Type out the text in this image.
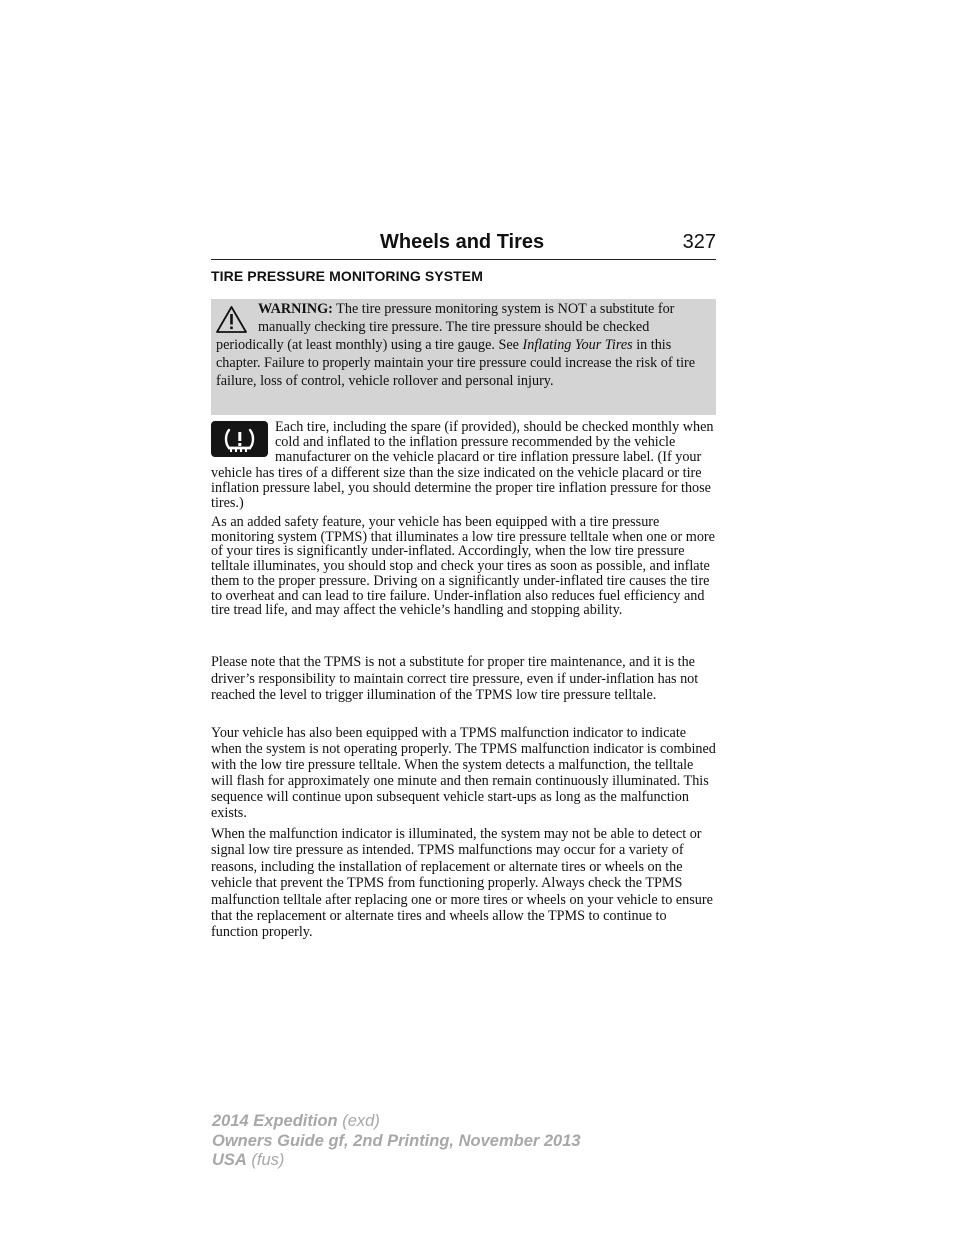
Wheels and Tires	327
TIRE PRESSURE MONITORING SYSTEM
WARNING: The tire pressure monitoring system is NOT a substitute for manually checking tire pressure. The tire pressure should be checked periodically (at least monthly) using a tire gauge. See Inflating Your Tires in this chapter. Failure to properly maintain your tire pressure could increase the risk of tire failure, loss of control, vehicle rollover and personal injury.

Each tire, including the spare (if provided), should be checked monthly when cold and inflated to the inflation pressure recommended by the vehicle manufacturer on the vehicle placard or tire inflation pressure label. (If your vehicle has tires of a different size than the size indicated on the vehicle placard or tire inflation pressure label, you should determine the proper tire inflation pressure for those tires.)

As an added safety feature, your vehicle has been equipped with a tire pressure monitoring system (TPMS) that illuminates a low tire pressure telltale when one or more of your tires is significantly under-inflated. Accordingly, when the low tire pressure telltale illuminates, you should stop and check your tires as soon as possible, and inflate them to the proper pressure. Driving on a significantly under-inflated tire causes the tire to overheat and can lead to tire failure. Under-inflation also reduces fuel efficiency and tire tread life, and may affect the vehicle’s handling and stopping ability.

Please note that the TPMS is not a substitute for proper tire maintenance, and it is the driver’s responsibility to maintain correct tire pressure, even if under-inflation has not reached the level to trigger illumination of the TPMS low tire pressure telltale.

Your vehicle has also been equipped with a TPMS malfunction indicator to indicate when the system is not operating properly. The TPMS malfunction indicator is combined with the low tire pressure telltale. When the system detects a malfunction, the telltale will flash for approximately one minute and then remain continuously illuminated. This sequence will continue upon subsequent vehicle start-ups as long as the malfunction exists.

When the malfunction indicator is illuminated, the system may not be able to detect or signal low tire pressure as intended. TPMS malfunctions may occur for a variety of reasons, including the installation of replacement or alternate tires or wheels on the vehicle that prevent the TPMS from functioning properly. Always check the TPMS malfunction telltale after replacing one or more tires or wheels on your vehicle to ensure that the replacement or alternate tires and wheels allow the TPMS to continue to function properly.

2014 Expedition (exd)
Owners Guide gf, 2nd Printing, November 2013
USA (fus)
